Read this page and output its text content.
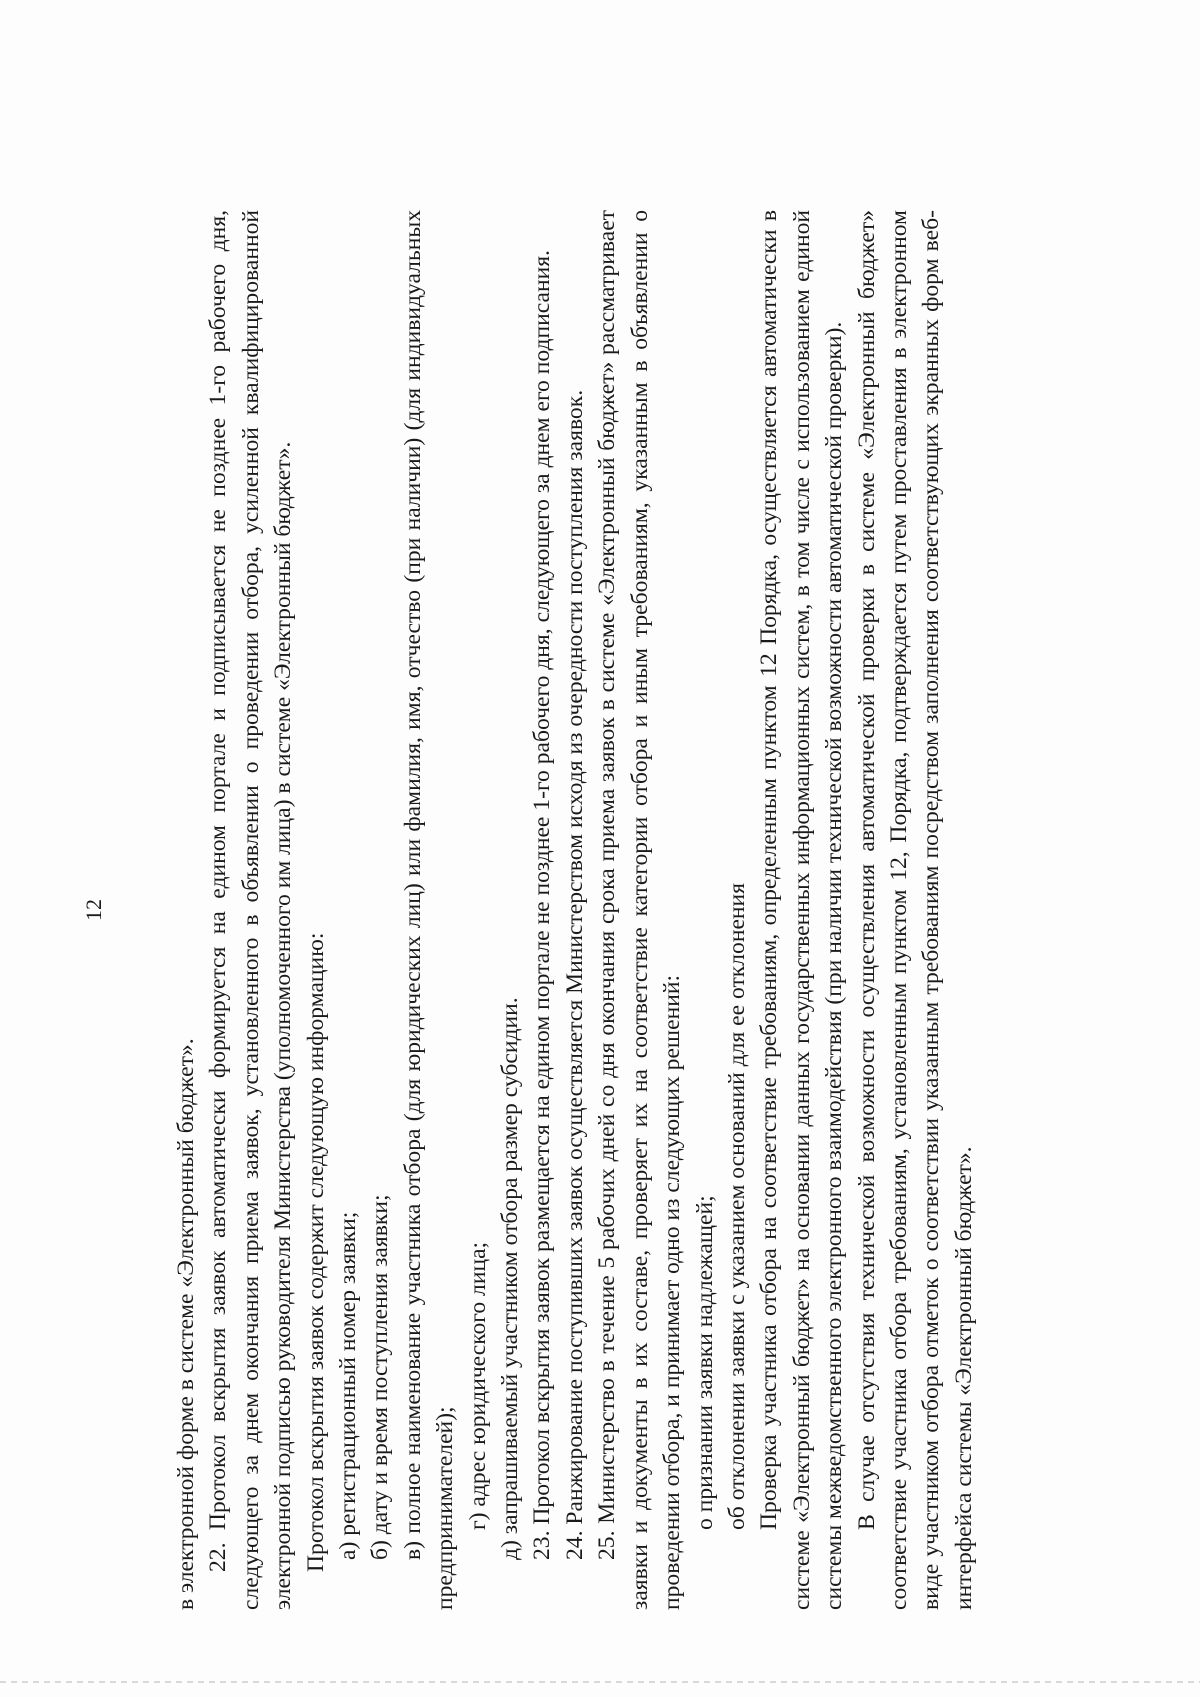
12

в электронной форме в системе «Электронный бюджет». 22. Протокол вскрытия заявок автоматически формируется на едином портале и подписывается не позднее 1-го рабочего дня, следующего за днем окончания приема заявок, установленного в объявлении о проведении отбора, усиленной квалифицированной электронной подписью руководителя Министерства (уполномоченного им лица) в системе «Электронный бюджет». Протокол вскрытия заявок содержит следующую информацию: а) регистрационный номер заявки; б) дату и время поступления заявки; в) полное наименование участника отбора (для юридических лиц) или фамилия, имя, отчество (при наличии) (для индивидуальных предпринимателей); г) адрес юридического лица; д) запрашиваемый участником отбора размер субсидии. 23. Протокол вскрытия заявок размещается на едином портале не позднее 1-го рабочего дня, следующего за днем его подписания. 24. Ранжирование поступивших заявок осуществляется Министерством исходя из очередности поступления заявок. 25. Министерство в течение 5 рабочих дней со дня окончания срока приема заявок в системе «Электронный бюджет» рассматривает заявки и документы в их составе, проверяет их на соответствие категории отбора и иным требованиям, указанным в объявлении о проведении отбора, и принимает одно из следующих решений: о признании заявки надлежащей; об отклонении заявки с указанием оснований для ее отклонения Проверка участника отбора на соответствие требованиям, определенным пунктом 12 Порядка, осуществляется автоматически в системе «Электронный бюджет» на основании данных государственных информационных систем, в том числе с использованием единой системы межведомственного электронного взаимодействия (при наличии технической возможности автоматической проверки). В случае отсутствия технической возможности осуществления автоматической проверки в системе «Электронный бюджет» соответствие участника отбора требованиям, установленным пунктом 12, Порядка, подтверждается путем проставления в электронном виде участником отбора отметок о соответствии указанным требованиям посредством заполнения соответствующих экранных форм веб-интерфейса системы «Электронный бюджет».
